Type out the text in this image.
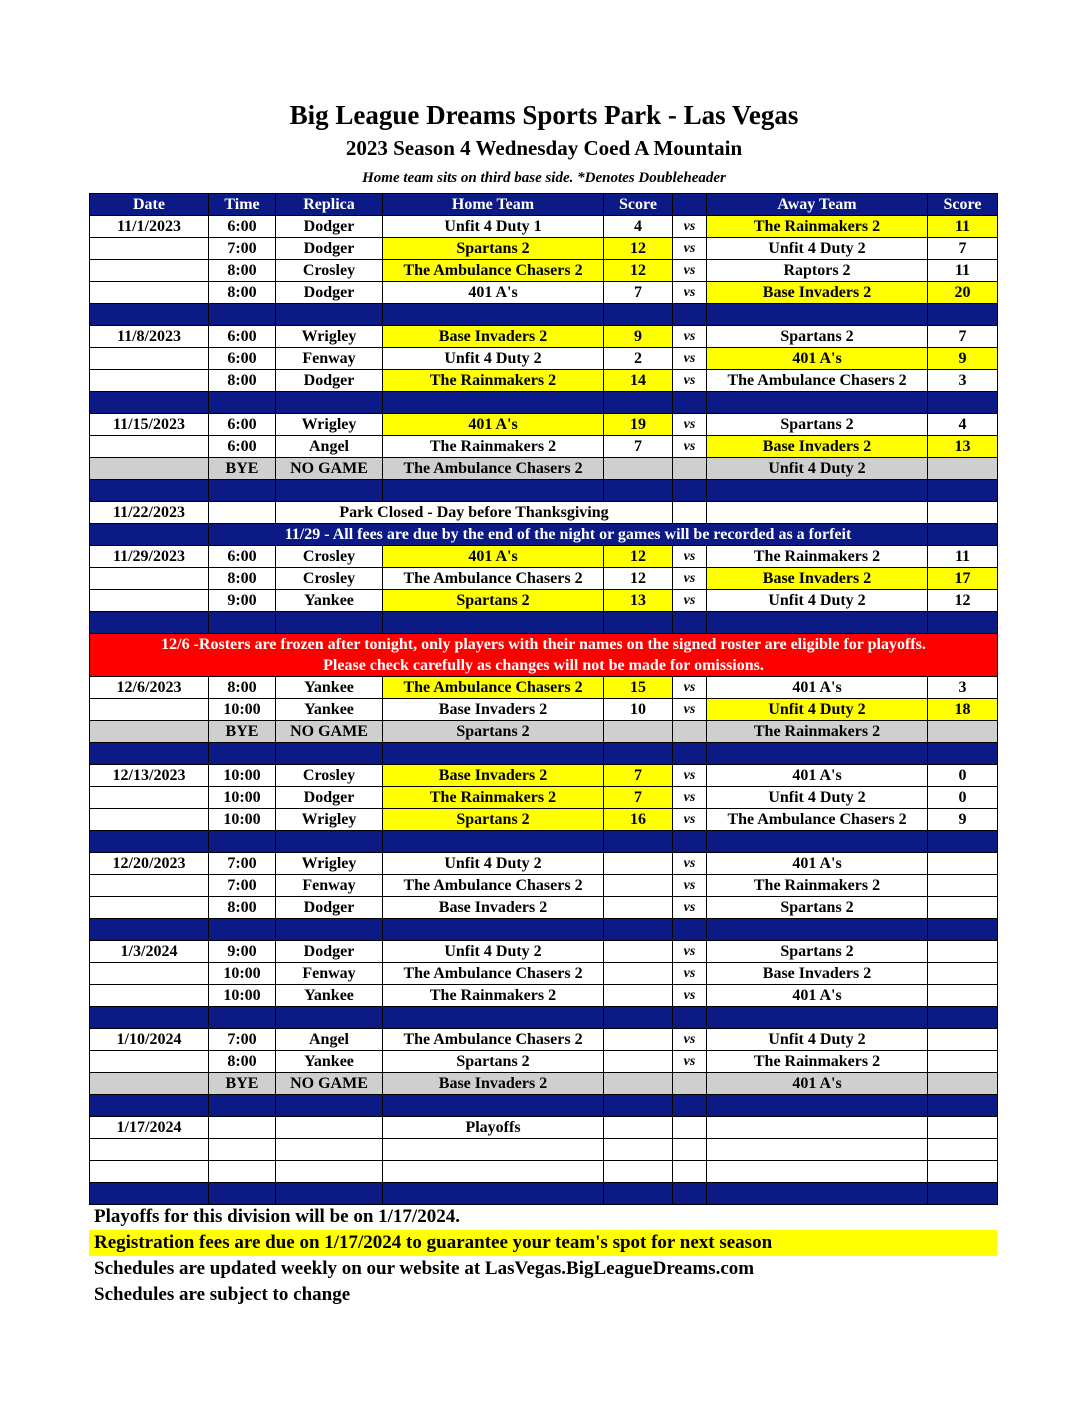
Big League Dreams Sports Park - Las Vegas
2023 Season 4 Wednesday Coed A Mountain
Home team sits on third base side. *Denotes Doubleheader
Date	Time	Replica	Home Team	Score		Away Team	Score
11/1/2023	6:00	Dodger	Unfit 4 Duty 1	4	vs	The Rainmakers 2	11
	7:00	Dodger	Spartans 2	12	vs	Unfit 4 Duty 2	7
	8:00	Crosley	The Ambulance Chasers 2	12	vs	Raptors 2	11
	8:00	Dodger	401 A's	7	vs	Base Invaders 2	20

11/8/2023	6:00	Wrigley	Base Invaders 2	9	vs	Spartans 2	7
	6:00	Fenway	Unfit 4 Duty 2	2	vs	401 A's	9
	8:00	Dodger	The Rainmakers 2	14	vs	The Ambulance Chasers 2	3

11/15/2023	6:00	Wrigley	401 A's	19	vs	Spartans 2	4
	6:00	Angel	The Rainmakers 2	7	vs	Base Invaders 2	13
	BYE	NO GAME	The Ambulance Chasers 2			Unfit 4 Duty 2	

11/22/2023		Park Closed - Day before Thanksgiving					
	11/29 - All fees are due by the end of the night or games will be recorded as a forfeit						
11/29/2023	6:00	Crosley	401 A's	12	vs	The Rainmakers 2	11
	8:00	Crosley	The Ambulance Chasers 2	12	vs	Base Invaders 2	17
	9:00	Yankee	Spartans 2	13	vs	Unfit 4 Duty 2	12

12/6 -Rosters are frozen after tonight, only players with their names on the signed roster are eligible for playoffs.
Please check carefully as changes will not be made for omissions.							

12/6/2023	8:00	Yankee	The Ambulance Chasers 2	15	vs	401 A's	3
	10:00	Yankee	Base Invaders 2	10	vs	Unfit 4 Duty 2	18
	BYE	NO GAME	Spartans 2			The Rainmakers 2	

12/13/2023	10:00	Crosley	Base Invaders 2	7	vs	401 A's	0
	10:00	Dodger	The Rainmakers 2	7	vs	Unfit 4 Duty 2	0
	10:00	Wrigley	Spartans 2	16	vs	The Ambulance Chasers 2	9

12/20/2023	7:00	Wrigley	Unfit 4 Duty 2		vs	401 A's	
	7:00	Fenway	The Ambulance Chasers 2		vs	The Rainmakers 2	
	8:00	Dodger	Base Invaders 2		vs	Spartans 2	

1/3/2024	9:00	Dodger	Unfit 4 Duty 2		vs	Spartans 2	
	10:00	Fenway	The Ambulance Chasers 2		vs	Base Invaders 2	
	10:00	Yankee	The Rainmakers 2		vs	401 A's	

1/10/2024	7:00	Angel	The Ambulance Chasers 2		vs	Unfit 4 Duty 2	
	8:00	Yankee	Spartans 2		vs	The Rainmakers 2	
	BYE	NO GAME	Base Invaders 2			401 A's	

1/17/2024			Playoffs				

Playoffs for this division will be on 1/17/2024.
Registration fees are due on 1/17/2024 to guarantee your team's spot for next season
Schedules are updated weekly on our website at LasVegas.BigLeagueDreams.com
Schedules are subject to change
